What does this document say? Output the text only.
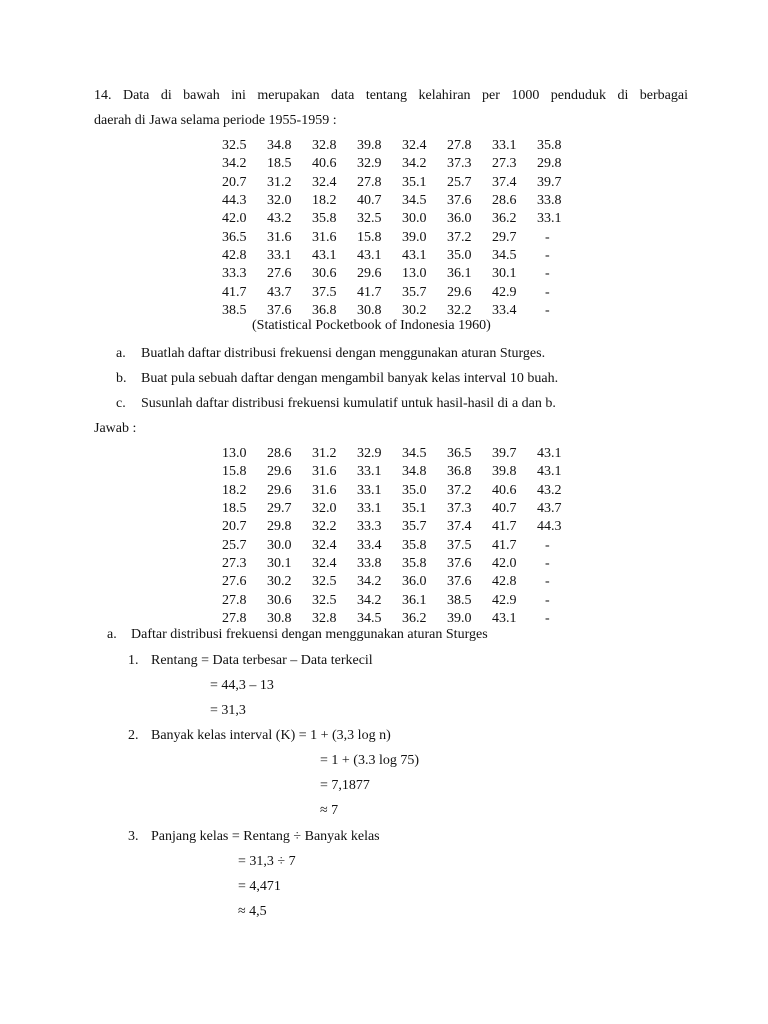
14. Data di bawah ini merupakan data tentang kelahiran per 1000 penduduk di berbagai
daerah di Jawa selama periode 1955-1959 :
32.5	34.8	32.8	39.8	32.4	27.8	33.1	35.8
34.2	18.5	40.6	32.9	34.2	37.3	27.3	29.8
20.7	31.2	32.4	27.8	35.1	25.7	37.4	39.7
44.3	32.0	18.2	40.7	34.5	37.6	28.6	33.8
42.0	43.2	35.8	32.5	30.0	36.0	36.2	33.1
36.5	31.6	31.6	15.8	39.0	37.2	29.7	-
42.8	33.1	43.1	43.1	43.1	35.0	34.5	-
33.3	27.6	30.6	29.6	13.0	36.1	30.1	-
41.7	43.7	37.5	41.7	35.7	29.6	42.9	-
38.5	37.6	36.8	30.8	30.2	32.2	33.4	-
(Statistical Pocketbook of Indonesia 1960)
a. Buatlah daftar distribusi frekuensi dengan menggunakan aturan Sturges.
b. Buat pula sebuah daftar dengan mengambil banyak kelas interval 10 buah.
c. Susunlah daftar distribusi frekuensi kumulatif untuk hasil-hasil di a dan b.
Jawab :
13.0	28.6	31.2	32.9	34.5	36.5	39.7	43.1
15.8	29.6	31.6	33.1	34.8	36.8	39.8	43.1
18.2	29.6	31.6	33.1	35.0	37.2	40.6	43.2
18.5	29.7	32.0	33.1	35.1	37.3	40.7	43.7
20.7	29.8	32.2	33.3	35.7	37.4	41.7	44.3
25.7	30.0	32.4	33.4	35.8	37.5	41.7	-
27.3	30.1	32.4	33.8	35.8	37.6	42.0	-
27.6	30.2	32.5	34.2	36.0	37.6	42.8	-
27.8	30.6	32.5	34.2	36.1	38.5	42.9	-
27.8	30.8	32.8	34.5	36.2	39.0	43.1	-
a. Daftar distribusi frekuensi dengan menggunakan aturan Sturges
1. Rentang = Data terbesar – Data terkecil
= 44,3 – 13
= 31,3
2. Banyak kelas interval (K) = 1 + (3,3 log n)
= 1 + (3.3 log 75)
= 7,1877
≈ 7
3. Panjang kelas = Rentang ÷ Banyak kelas
= 31,3 ÷ 7
= 4,471
≈ 4,5
